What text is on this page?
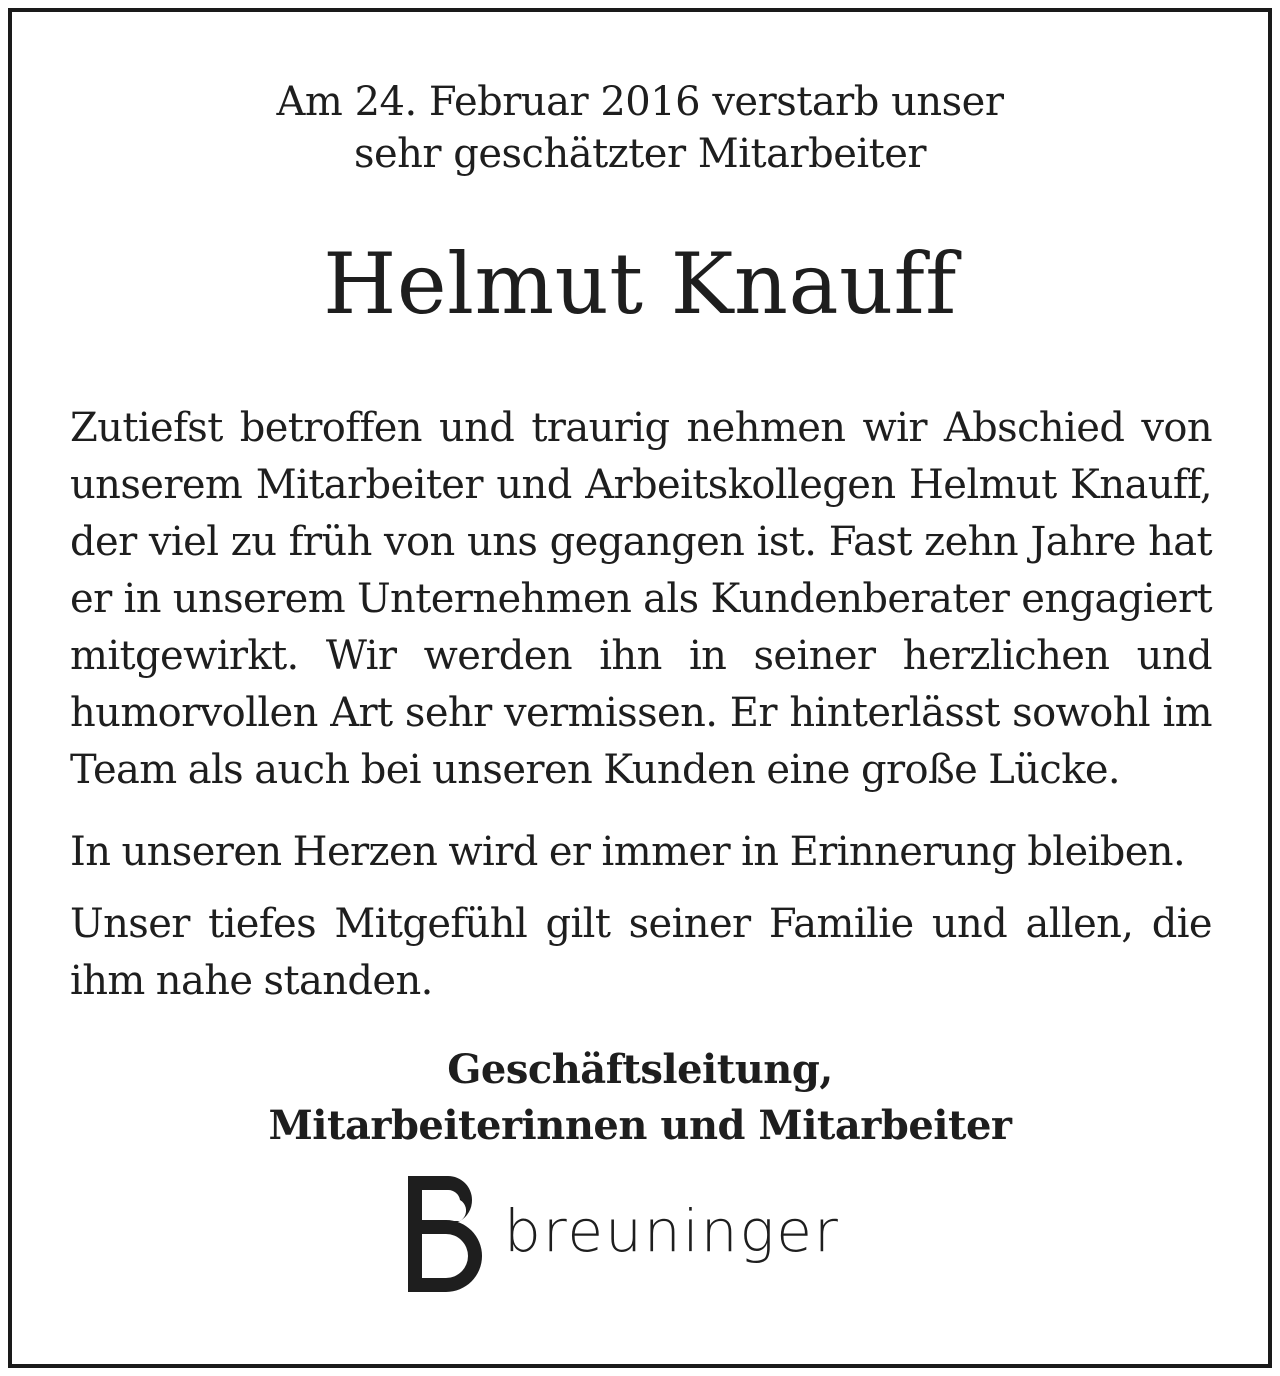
Am 24. Februar 2016 verstarb unser
sehr geschätzter Mitarbeiter
Helmut Knauff
Zutiefst betroffen und traurig nehmen wir Abschied von unserem Mitarbeiter und Arbeitskollegen Helmut Knauff, der viel zu früh von uns gegangen ist. Fast zehn Jahre hat er in unserem Unternehmen als Kundenberater engagiert mitgewirkt. Wir werden ihn in seiner herzlichen und humorvollen Art sehr vermissen. Er hinterlässt sowohl im Team als auch bei unseren Kunden eine große Lücke.
In unseren Herzen wird er immer in Erinnerung bleiben.
Unser tiefes Mitgefühl gilt seiner Familie und allen, die ihm nahe standen.
Geschäftsleitung,
Mitarbeiterinnen und Mitarbeiter
breuninger
